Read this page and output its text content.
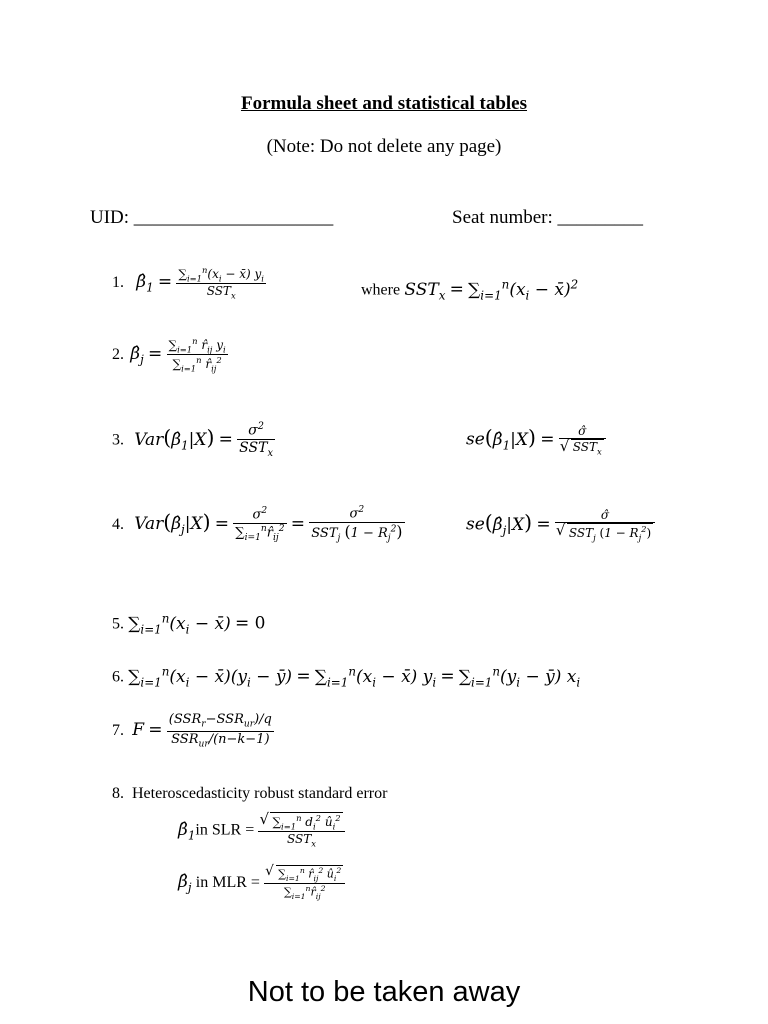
Formula sheet and statistical tables
(Note: Do not delete any page)
UID: _____________________	Seat number: _________
1. $\betâ_1 = \frac{\sum_{i=1}^n(x_i - x̄) y_i}{SST_x}$	where $SST_x = \sum_{i=1}^n(x_i$ − x̄)$^2$
2. $\betâ_j = \frac{\sum_{i=1}^n r̂_{ij} y_i}{\sum_{i=1}^n r̂_{ij}^2}$
3. $Var(\betâ_1|X) = \frac{\sigma^2}{SST_x}$	$se(\betâ_1|X)$ = σ̂
√ $SST_x$
4. $Var(\betâ_j|X) = \frac{\sigma^2}{\sum_{i=1}^nr̂_{ij}^2} = \frac{\sigma^2}{SST_j (1 - R_j^2)}$	$se(\betâ_j|X)$ = σ̂
√ $SST_j$ $(1 - R_j^2)$
5. $\sum_{i=1}^n(x_i$ − x̄) = 0
6. $\sum_{i=1}^n(x_i$ − $x̄)(y_i$ − ȳ) = $\sum_{i=1}^n(x_i$ − x̄) $y_i = \sum_{i=1}^n(y_i$ − ȳ) $x_i$
7. $F = \frac{(SSR_r-SSR_{ur})/q}{SSR_{ur}/(n-k-1)}$
8. Heteroscedasticity robust standard error
$\betâ_1in$ SLR = √ $\frac{\sum_{i=1}^n d_i^2 û_i^2}{SST_x}$
$\betâ_j$ in MLR = √ $\frac{\sum_{i=1}^n r̂_{ij}^2 û_i^2}{\sum_{i=1}^nr̂_{ij}^2}$
Not to be taken away
